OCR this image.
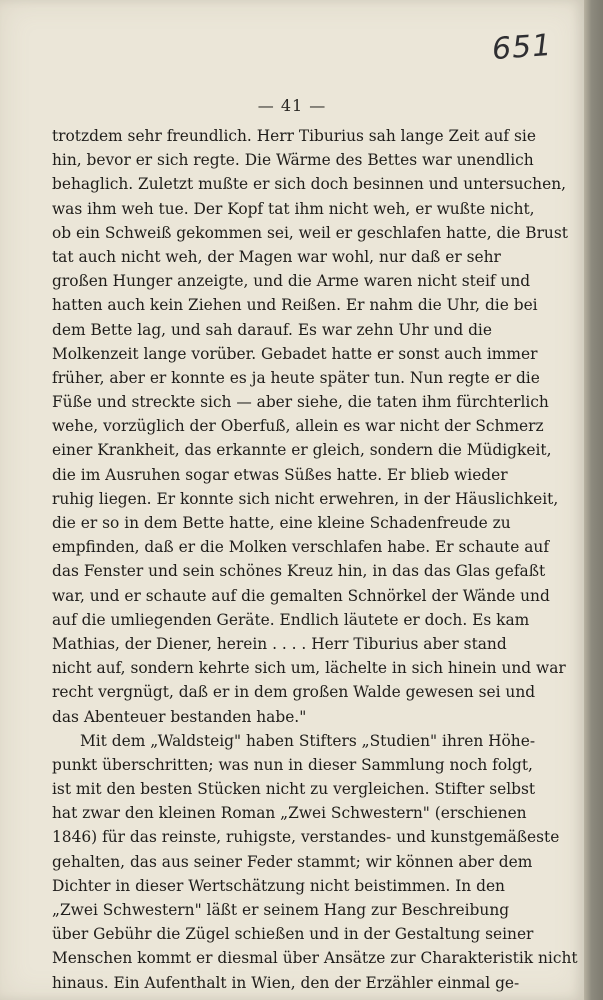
651
— 41 —
trotzdem sehr freundlich. Herr Tiburius sah lange Zeit auf sie
hin, bevor er sich regte. Die Wärme des Bettes war unendlich
behaglich. Zuletzt mußte er sich doch besinnen und untersuchen,
was ihm weh tue. Der Kopf tat ihm nicht weh, er wußte nicht,
ob ein Schweiß gekommen sei, weil er geschlafen hatte, die Brust
tat auch nicht weh, der Magen war wohl, nur daß er sehr
großen Hunger anzeigte, und die Arme waren nicht steif und
hatten auch kein Ziehen und Reißen. Er nahm die Uhr, die bei
dem Bette lag, und sah darauf. Es war zehn Uhr und die
Molkenzeit lange vorüber. Gebadet hatte er sonst auch immer
früher, aber er konnte es ja heute später tun. Nun regte er die
Füße und streckte sich — aber siehe, die taten ihm fürchterlich
wehe, vorzüglich der Oberfuß, allein es war nicht der Schmerz
einer Krankheit, das erkannte er gleich, sondern die Müdigkeit,
die im Ausruhen sogar etwas Süßes hatte. Er blieb wieder
ruhig liegen. Er konnte sich nicht erwehren, in der Häuslichkeit,
die er so in dem Bette hatte, eine kleine Schadenfreude zu
empfinden, daß er die Molken verschlafen habe. Er schaute auf
das Fenster und sein schönes Kreuz hin, in das das Glas gefaßt
war, und er schaute auf die gemalten Schnörkel der Wände und
auf die umliegenden Geräte. Endlich läutete er doch. Es kam
Mathias, der Diener, herein . . . . Herr Tiburius aber stand
nicht auf, sondern kehrte sich um, lächelte in sich hinein und war
recht vergnügt, daß er in dem großen Walde gewesen sei und
das Abenteuer bestanden habe."
Mit dem „Waldsteig" haben Stifters „Studien" ihren Höhe-
punkt überschritten; was nun in dieser Sammlung noch folgt,
ist mit den besten Stücken nicht zu vergleichen. Stifter selbst
hat zwar den kleinen Roman „Zwei Schwestern" (erschienen
1846) für das reinste, ruhigste, verstandes- und kunstgemäßeste
gehalten, das aus seiner Feder stammt; wir können aber dem
Dichter in dieser Wertschätzung nicht beistimmen. In den
„Zwei Schwestern" läßt er seinem Hang zur Beschreibung
über Gebühr die Zügel schießen und in der Gestaltung seiner
Menschen kommt er diesmal über Ansätze zur Charakteristik nicht
hinaus. Ein Aufenthalt in Wien, den der Erzähler einmal ge-
